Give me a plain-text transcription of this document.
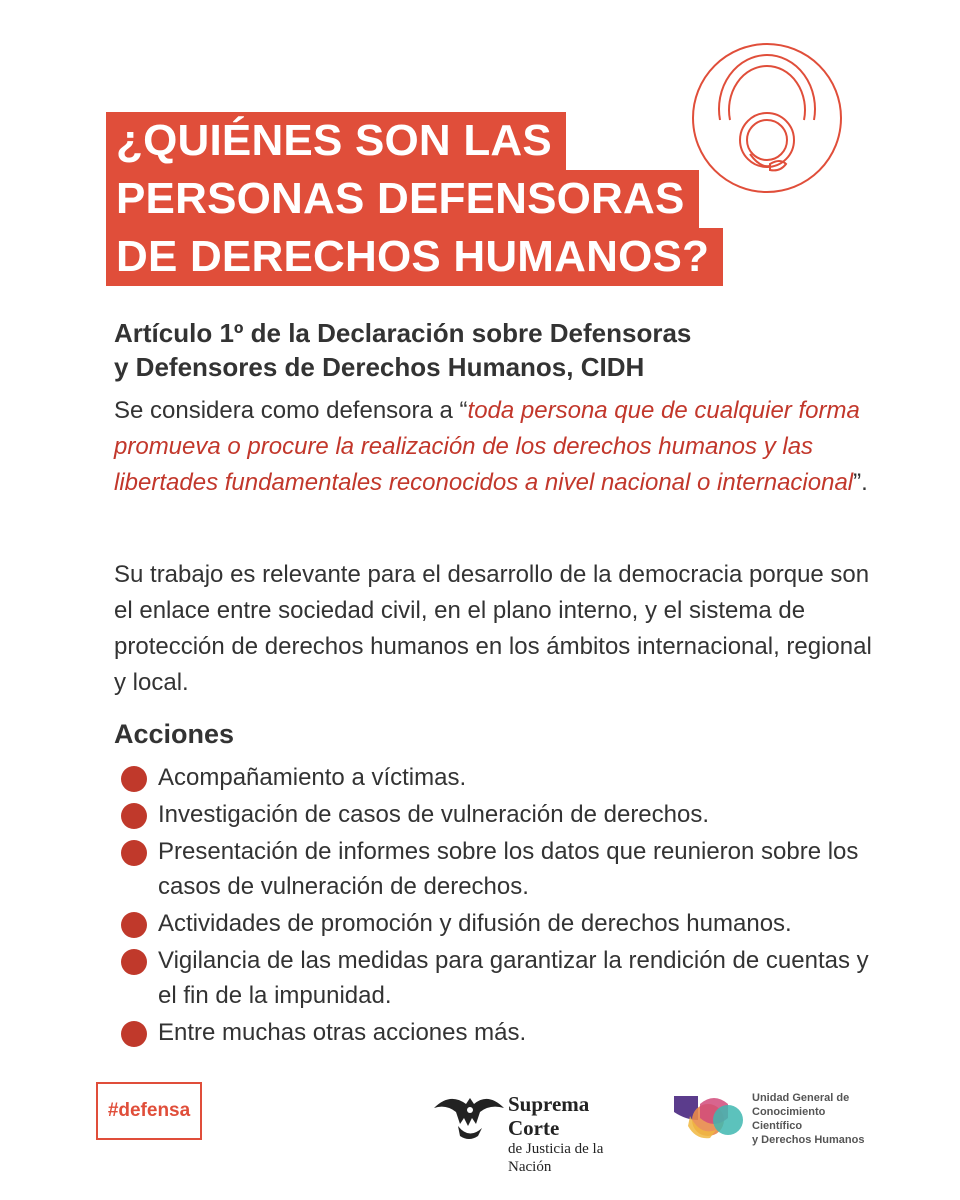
¿QUIÉNES SON LAS
PERSONAS DEFENSORAS
DE DERECHOS HUMANOS?
Artículo 1º de la Declaración sobre Defensoras
y Defensores de Derechos Humanos, CIDH

Se considera como defensora a “toda persona que de cualquier forma promueva o procure la realización de los derechos humanos y las libertades fundamentales reconocidos a nivel nacional o internacional”.

Su trabajo es relevante para el desarrollo de la democracia porque son el enlace entre sociedad civil, en el plano interno, y el sistema de protección de derechos humanos en los ámbitos internacional, regional y local.

Acciones
Acompañamiento a víctimas.
Investigación de casos de vulneración de derechos.
Presentación de informes sobre los datos que reunieron sobre los casos de vulneración de derechos.
Actividades de promoción y difusión de derechos humanos.
Vigilancia de las medidas para garantizar la rendición de cuentas y el fin de la impunidad.
Entre muchas otras acciones más.
#defensa	Suprema Corte
de Justicia de la Nación
Unidad General de
Conocimiento Científico
y Derechos Humanos
